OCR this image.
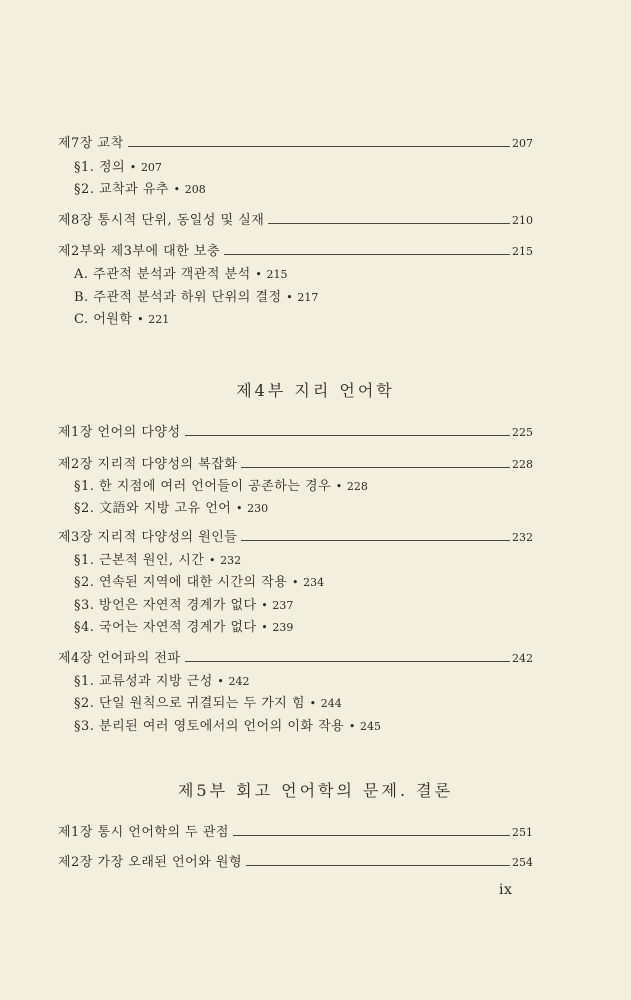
제7장 교착	207
§1. 정의 • 207
§2. 교착과 유추 • 208
제8장 통시적 단위, 동일성 및 실재	210
제2부와 제3부에 대한 보충	215
A. 주관적 분석과 객관적 분석 • 215
B. 주관적 분석과 하위 단위의 결정 • 217
C. 어원학 • 221
제4부 지리 언어학
제1장 언어의 다양성	225
제2장 지리적 다양성의 복잡화	228
§1. 한 지점에 여러 언어들이 공존하는 경우 • 228
§2. 文語와 지방 고유 언어 • 230
제3장 지리적 다양성의 원인들	232
§1. 근본적 원인, 시간 • 232
§2. 연속된 지역에 대한 시간의 작용 • 234
§3. 방언은 자연적 경계가 없다 • 237
§4. 국어는 자연적 경계가 없다 • 239
제4장 언어파의 전파	242
§1. 교류성과 지방 근성 • 242
§2. 단일 원칙으로 귀결되는 두 가지 힘 • 244
§3. 분리된 여러 영토에서의 언어의 이화 작용 • 245
제5부 회고 언어학의 문제. 결론
제1장 통시 언어학의 두 관점	251
제2장 가장 오래된 언어와 원형	254
ix
